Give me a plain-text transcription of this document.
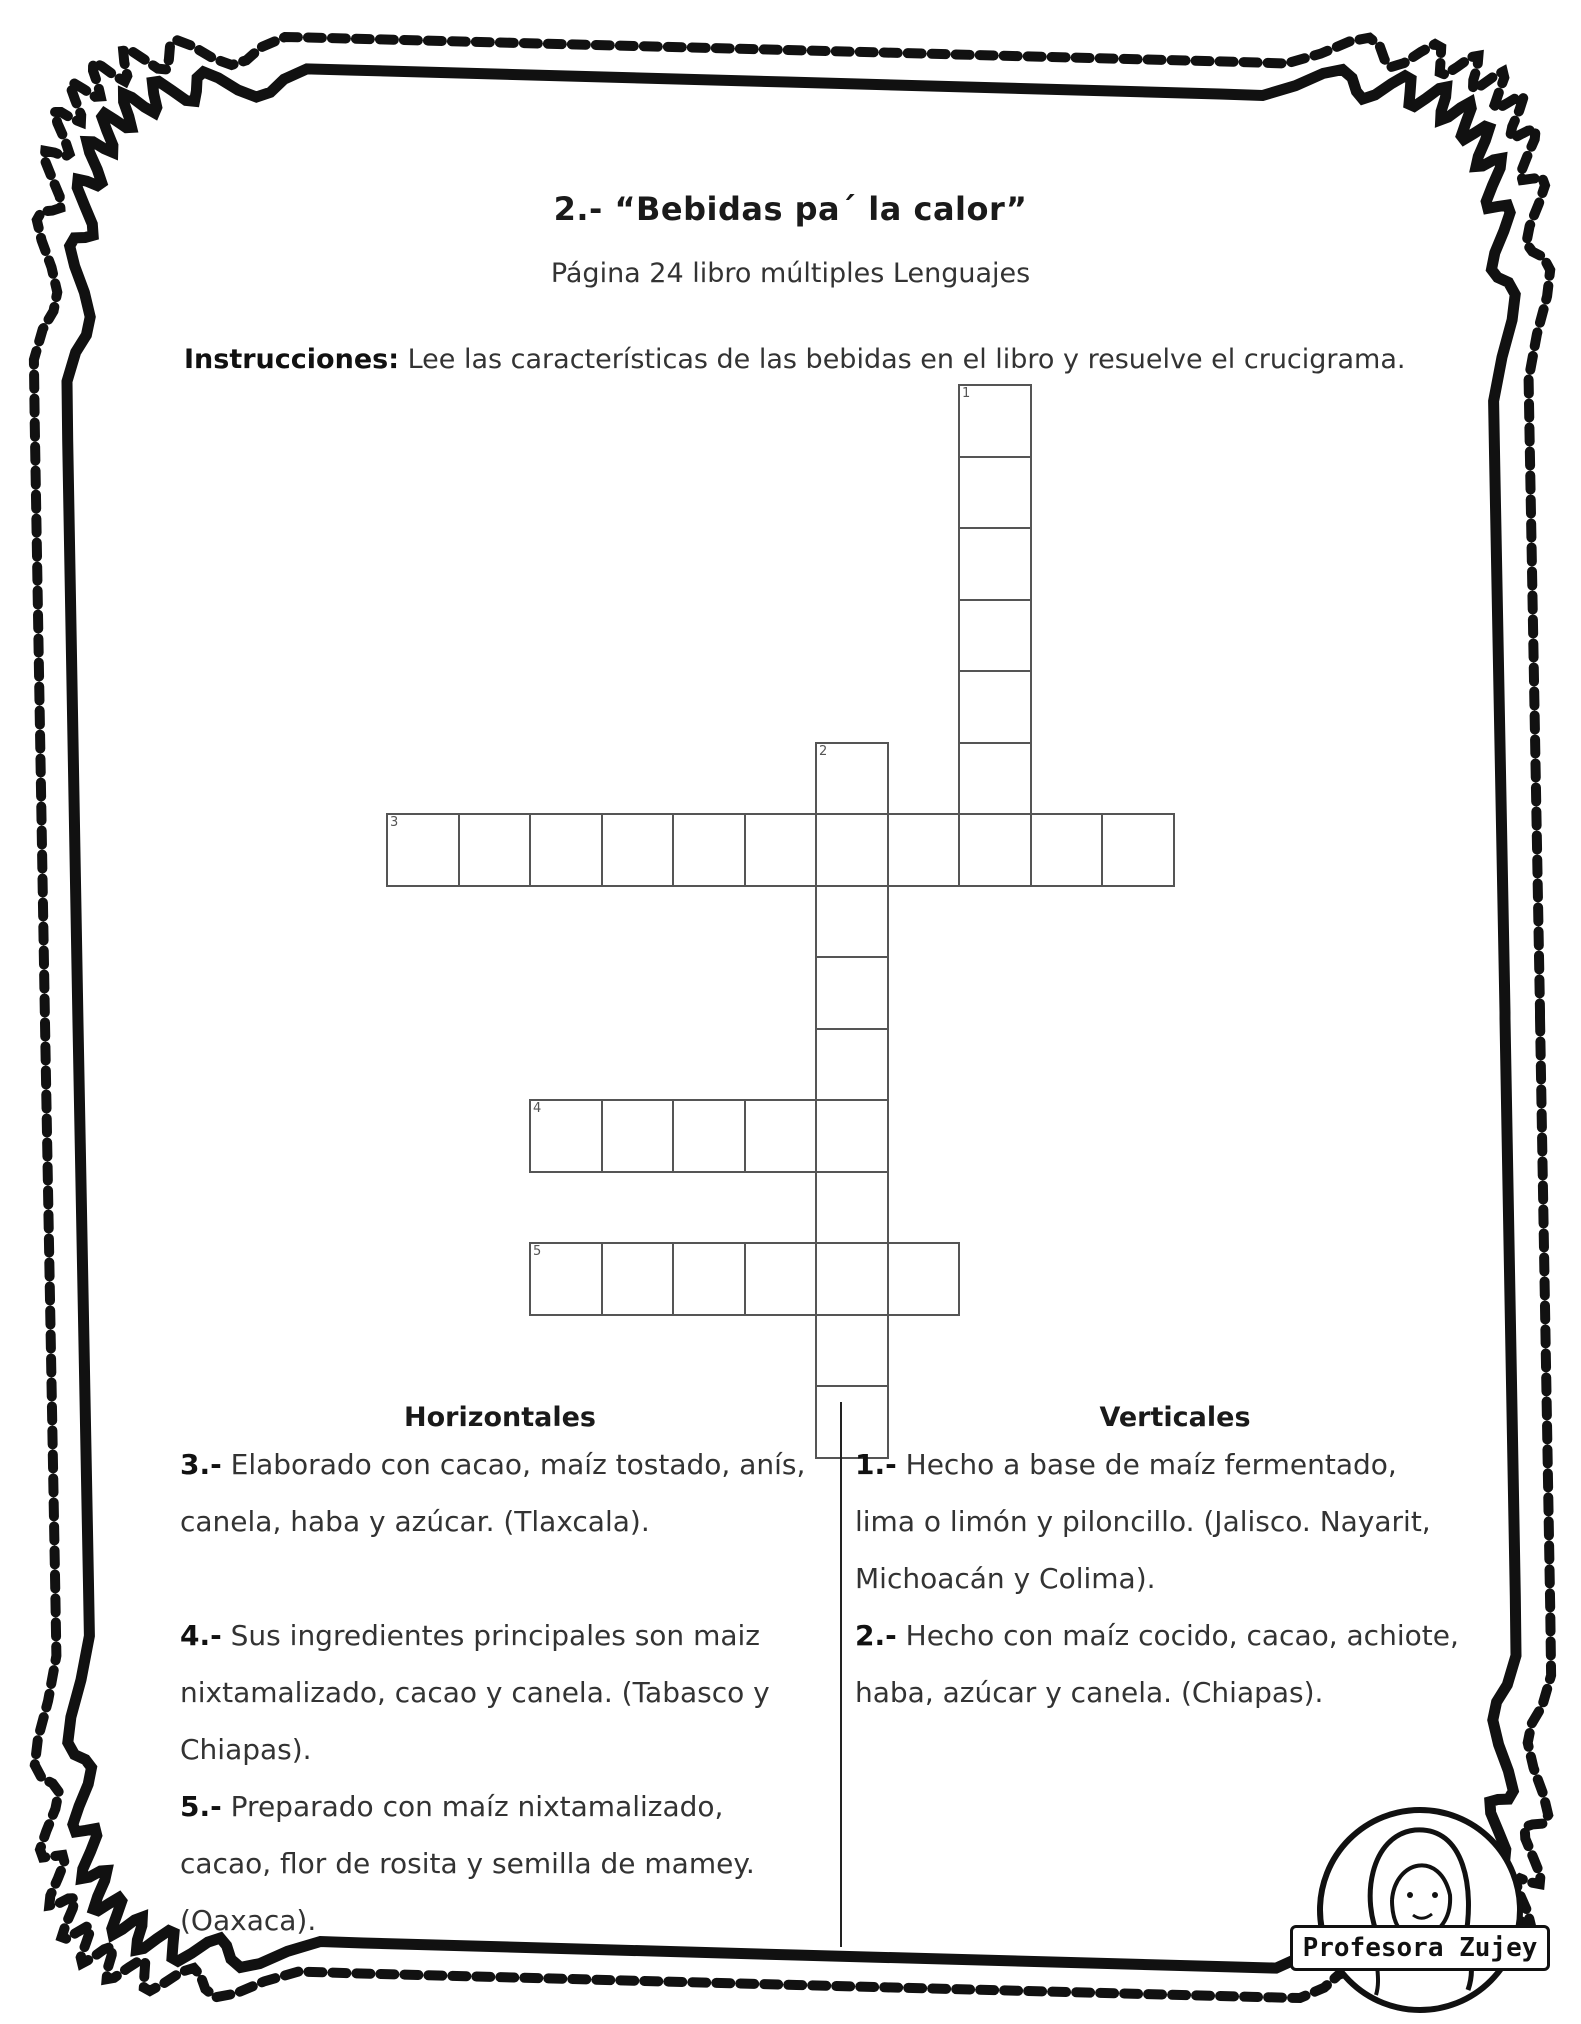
2.- “Bebidas pa´ la calor”
Página 24 libro múltiples Lenguajes
Instrucciones: Lee las características de las bebidas en el libro y resuelve el crucigrama.
1
2
3
4
5
Horizontales	Verticales

3.- Elaborado con cacao, maíz tostado, anís, canela, haba y azúcar. (Tlaxcala).

4.- Sus ingredientes principales son maiz nixtamalizado, cacao y canela. (Tabasco y Chiapas).

5.- Preparado con maíz nixtamalizado, cacao, flor de rosita y semilla de mamey. (Oaxaca).

1.- Hecho a base de maíz fermentado, lima o limón y piloncillo. (Jalisco. Nayarit, Michoacán y Colima).

2.- Hecho con maíz cocido, cacao, achiote, haba, azúcar y canela. (Chiapas).

Profesora Zujey
